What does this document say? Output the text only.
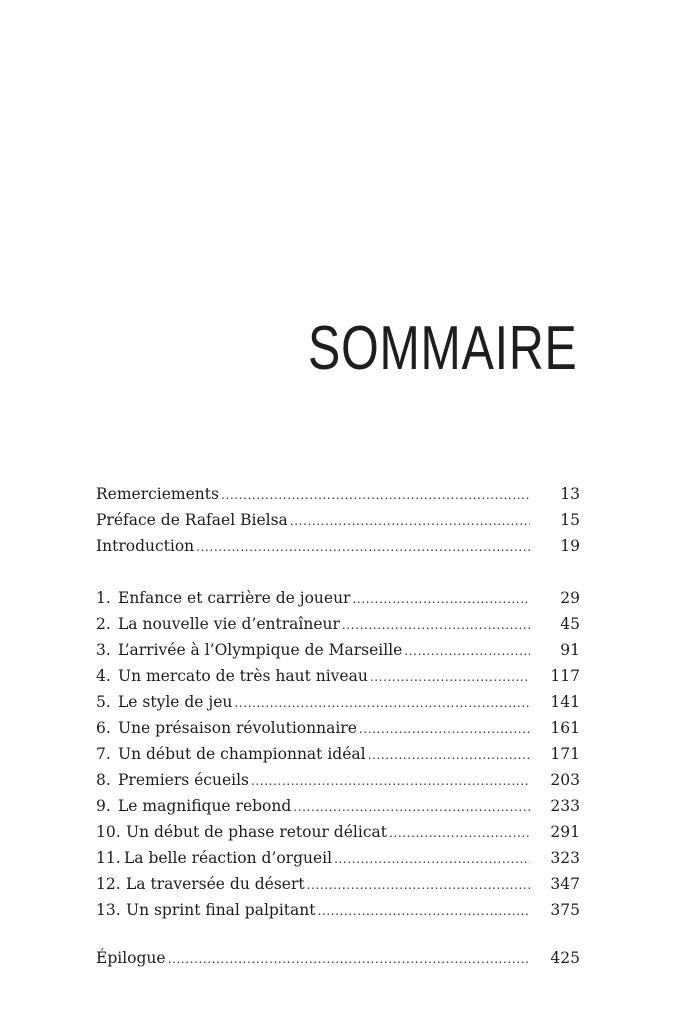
SOMMAIRE
Remerciements .....	13
Préface de Rafael Bielsa .....	15
Introduction .....	19
1. Enfance et carrière de joueur .....	29
2. La nouvelle vie d’entraîneur .....	45
3. L’arrivée à l’Olympique de Marseille .....	91
4. Un mercato de très haut niveau .....	117
5. Le style de jeu .....	141
6. Une présaison révolutionnaire .....	161
7. Un début de championnat idéal .....	171
8. Premiers écueils .....	203
9. Le magnifique rebond .....	233
10. Un début de phase retour délicat .....	291
11. La belle réaction d’orgueil .....	323
12. La traversée du désert .....	347
13. Un sprint final palpitant .....	375
Épilogue .....	425
